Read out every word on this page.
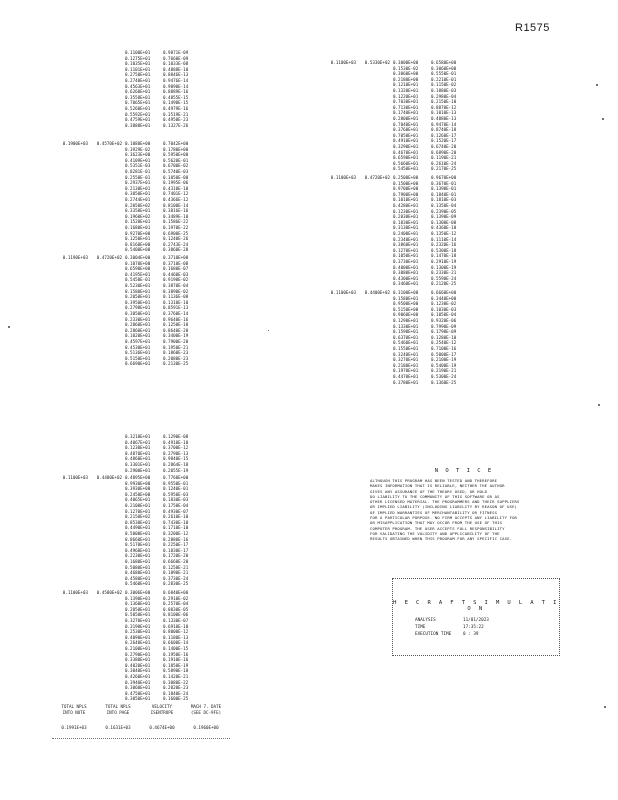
R1575
0.1100E+01	0.9871E-09
0.1275E+01	0.7660E-09
0.1035E+01	0.1033E-08
0.1101E+01	0.4888E-10
0.2750E+01	0.8846E-13
0.2740E+01	0.9476E-14
0.4563E+01	0.9090E-14
0.6260E+01	0.8889E-16
0.3558E+01	0.4855E-15
0.7065E+01	0.1490E-15
0.5268E+01	0.4979E-16
0.5592E+01	0.3519E-21
0.4759E+01	0.4950E-23
0.3888E+01	0.1327E-26
0.1900E+03 0.4570E+02 0.1088E+00	0.7042E+00
0.3929E-02	0.1780E+00
0.3623E+00	0.5950E+00
0.4109E+01	0.5620E-01
0.5351E-03	0.6700E-02
0.8281E-01	0.5740E-03
0.2550E-01	0.1050E-08
0.2937E+01	0.1995E-06
0.2130E+01	0.4310E-10
0.3050E+01	0.7401E-12
0.2744E+01	0.4366E-12
0.2050E+02	0.8100E-14
0.3350E+01	0.3816E-16
0.1960E+02	0.3489E-18
0.1520E+01	0.1586E-22
0.1680E+01	0.1970E-22
0.9270E+00	0.6900E-25
0.1250E+01	0.1240E-26
0.8160E+00	0.2743E-24
0.5400E+00	0.3860E-28
0.1190E+03 0.4720E+02 0.3004E+00	0.3710E+00
0.1070E+00	0.3710E-08
0.6590E+00	0.1680E-07
0.4195E+01	0.4460E-03
0.5450E-01	0.9190E-02
0.5230E+01	0.3870E-04
0.1580E+01	0.3890E-02
0.2050E+01	0.1136E-08
0.3950E+01	0.1310E-10
0.2798E+01	0.8591E-13
0.3050E+01	0.3760E-14
0.2330E+01	0.9640E-16
0.2860E+01	0.1250E-18
0.2860E+01	0.8640E-20
0.1020E+01	0.3400E-19
0.4597E+01	0.7900E-20
0.4530E+01	0.1950E-21
0.5136E+01	0.1860E-23
0.5150E+01	0.2080E-23
0.6690E+01	0.2130E-25
0.3218E+01	0.1290E-08
0.4067E+01	0.4910E-10
0.1230E+01	0.3700E-12
0.4870E+01	0.2790E-13
0.4860E+01	0.9840E-15
0.3301E+01	0.2864E-18
0.2900E+01	0.2055E-19
0.1100E+03 0.4480E+02 0.4895E+00	0.7760E+00
0.9930E+00	0.9550E-01
0.3930E+00	0.1240E-01
0.2450E+00	0.5950E-03
0.4065E+01	0.1830E-03
0.2100E+01	0.1750E-04
0.1270E+01	0.4930E-07
0.2150E+02	0.2610E-10
0.8530E+01	0.7430E-10
0.4490E+01	0.1710E-10
0.5000E+01	0.3200E-12
0.8660E+01	0.2880E-16
0.5170E+01	0.2250E-17
0.4960E+01	0.1830E-17
0.2230E+01	0.1720E-20
0.1680E+01	0.6660E-20
0.5080E+01	0.1250E-21
0.4680E+01	0.1890E-21
0.4580E+01	0.3730E-24
0.5460E+01	0.2830E-25
0.1100E+03 0.4580E+02 0.3006E+00	0.6840E+00
0.1390E+01	0.2910E-02
0.1360E+01	0.2570E-04
0.2050E+01	0.8830E-05
0.5050E+01	0.8100E-06
0.3270E+01	0.1330E-07
0.3190E+01	0.6910E-10
0.2530E+01	0.8000E-12
0.4090E+01	0.1180E-13
0.2640E+01	0.6600E-14
0.2100E+01	0.1400E-15
0.2790E+01	0.1950E-16
0.3380E+01	0.1910E-16
0.4020E+01	0.1850E-19
0.3040E+01	0.5890E-18
0.4260E+01	0.1420E-21
0.3940E+01	0.3080E-22
0.3060E+01	0.2020E-23
0.4750E+01	0.1840E-24
0.3050E+01	0.1600E-25
0.1100E+03 0.5330E+02 0.3000E+00	0.6580E+00
0.1530E-02	0.3060E+00
0.3060E+00	0.5550E-01
0.2180E+00	0.2210E-01
0.1210E+01	0.1150E-02
0.1320E+01	0.1880E-03
0.1220E+01	0.2980E-04
0.7030E+01	0.2150E-10
0.7130E+01	0.8870E-12
0.1740E+01	0.1010E-13
0.2800E+01	0.4880E-13
0.7040E+01	0.9470E-14
0.3760E+01	0.8740E-18
0.7050E+01	0.1260E-17
0.4910E+01	0.1520E-17
0.3290E+01	0.6740E-20
0.4670E+01	0.6890E-20
0.6590E+01	0.1190E-21
0.5660E+01	0.2610E-24
0.5450E+01	0.2170E-25
0.1100E+03 0.4720E+02 0.2500E+00	0.9670E+00
0.1500E+00	0.3670E-01
0.9700E+00	0.1390E-01
0.7900E+00	0.1840E-01
0.1010E+01	0.1810E-03
0.4280E+01	0.1350E-04
0.1230E+01	0.2390E-05
0.2030E+01	0.1390E-09
0.1830E+01	0.1300E-08
0.3130E+01	0.4360E-10
0.2400E+01	0.1350E-12
0.2340E+01	0.1110E-14
0.3860E+01	0.2320E-16
0.1270E+01	0.5300E-18
0.1050E+01	0.1470E-18
0.3730E+01	0.2910E-19
0.4000E+01	0.1300E-19
0.3080E+01	0.2330E-21
0.4300E+01	0.5590E-24
0.3460E+01	0.2120E-25
0.1100E+03 0.4400E+02 0.3100E+00	0.6660E+00
0.1580E+01	0.3440E+00
0.9500E+00	0.1230E-02
0.5150E+00	0.1030E-03
0.9060E+00	0.1050E-04
0.1290E+01	0.9320E-06
0.1330E+01	0.7990E-09
0.1590E+01	0.1790E-09
0.6370E+01	0.1280E-10
0.5460E+01	0.2540E-12
0.1550E+01	0.7100E-16
0.3240E+01	0.5000E-17
0.3270E+01	0.2100E-19
0.2180E+01	0.5400E-19
0.1970E+01	0.2190E-21
0.4470E+01	0.5300E-24
0.3780E+01	0.1360E-25
TOTAL NPLS
INTO NOTE
TOTAL NPLS
INTO PAGE
VELOCITY
ISENTROPE
MACH 7. DATE
(SEE DC-9FE)
0.1991E+03	0.1631E+03	0.4674E+00	0.1960E+00
N O T I C E
ALTHOUGH THIS PROGRAM HAS BEEN TESTED AND THEREFORE
MAKES INFORMATION THAT IS RELIABLE, NEITHER THE AUTHOR
GIVES ANY ASSURANCE OF THE THEORY USED, OR HOLD
DO LIABILITY TO THE COMMUNITY OF THIS SOFTWARE OR AS
OTHER LICENSED MATERIAL. THE PROGRAMMERS AND THEIR SUPPLIERS
OR IMPLIED LIABILITY (INCLUDING LIABILITY BY REASON OF USE)
OF IMPLIED WARRANTIES OF MERCHANTABILITY OR FITNESS
FOR A PARTICULAR PURPOSE. NO FIRM ACCEPTS ANY LIABILITY FOR
OR MISAPPLICATION THAT MAY OCCUR FROM THE USE OF THIS
COMPUTER PROGRAM. THE USER ACCEPTS FULL RESPONSIBILITY
FOR VALIDATING THE VALIDITY AND APPLICABILITY OF THE
RESULTS OBTAINED WHEN THIS PROGRAM FOR ANY SPECIFIC CASE.
H E C R A F T S I M U L A T I O N
ANALYSIS	11/01/2023
TIME	17:35:22
EXECUTION TIME	0 : 39
